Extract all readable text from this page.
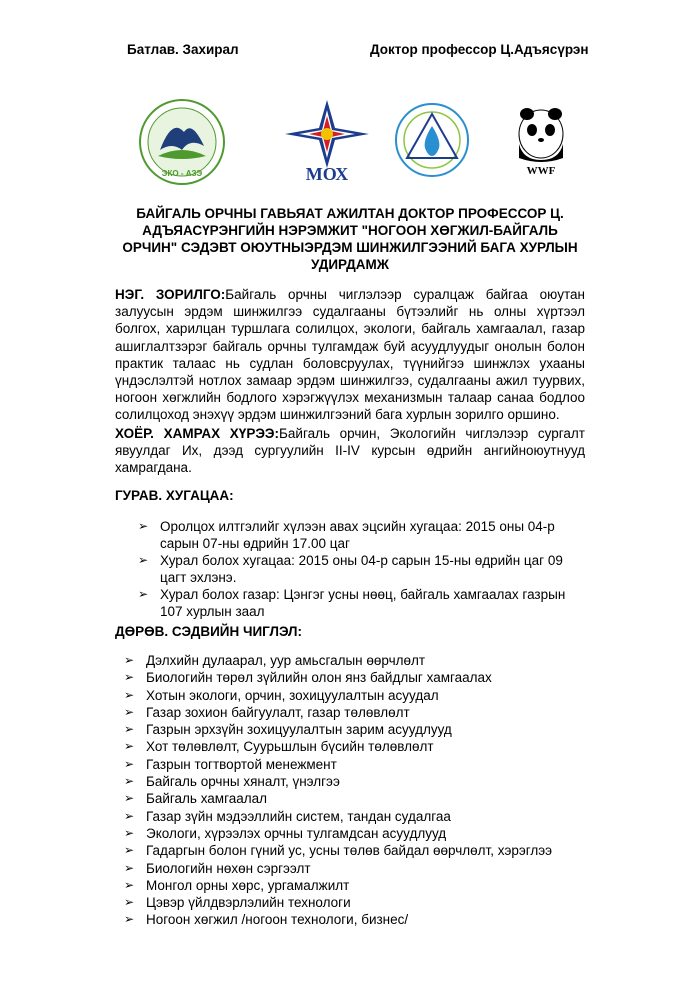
Батлав. Захирал	Доктор профессор Ц.Адъясүрэн
ЭКО - АЗЭ	МОХ	WWF
БАЙГАЛЬ ОРЧНЫ ГАВЬЯАТ АЖИЛТАН ДОКТОР ПРОФЕССОР Ц. АДЪЯАСҮРЭНГИЙН НЭРЭМЖИТ "НОГООН ХӨГЖИЛ-БАЙГАЛЬ ОРЧИН" СЭДЭВТ ОЮУТНЫЭРДЭМ ШИНЖИЛГЭЭНИЙ БАГА ХУРЛЫН УДИРДАМЖ
НЭГ. ЗОРИЛГО:Байгаль орчны чиглэлээр суралцаж байгаа оюутан залуусын эрдэм шинжилгээ судалгааны бүтээлийг нь олны хүртээл болгох, харилцан туршлага солилцох, экологи, байгаль хамгаалал, газар ашиглалтзэрэг байгаль орчны тулгамдаж буй асуудлуудыг онолын болон практик талаас нь судлан боловсруулах, түүнийгээ шинжлэх ухааны үндэслэлтэй нотлох замаар эрдэм шинжилгээ, судалгааны ажил туурвих, ногоон хөгжлийн бодлого хэрэгжүүлэх механизмын талаар санаа бодлоо солилцоход энэхүү эрдэм шинжилгээний бага хурлын зорилго оршино.
ХОЁР. ХАМРАХ ХҮРЭЭ:Байгаль орчин, Экологийн чиглэлээр сургалт явуулдаг Их, дээд сургуулийн II-IV курсын өдрийн ангийноюутнууд хамрагдана.
ГУРАВ. ХУГАЦАА:
➢ Оролцох илтгэлийг хүлээн авах эцсийн хугацаа: 2015 оны 04-р сарын 07-ны өдрийн 17.00 цаг
➢ Хурал болох хугацаа: 2015 оны 04-р сарын 15-ны өдрийн цаг 09 цагт эхлэнэ.
➢ Хурал болох газар: Цэнгэг усны нөөц, байгаль хамгаалах газрын 107 хурлын заал
ДӨРӨВ. СЭДВИЙН ЧИГЛЭЛ:
➢ Дэлхийн дулаарал, уур амьсгалын өөрчлөлт
➢ Биологийн төрөл зүйлийн олон янз байдлыг хамгаалах
➢ Хотын экологи, орчин, зохицуулалтын асуудал
➢ Газар зохион байгуулалт, газар төлөвлөлт
➢ Газрын эрхзүйн зохицуулалтын зарим асуудлууд
➢ Хот төлөвлөлт, Суурьшлын бүсийн төлөвлөлт
➢ Газрын тогтвортой менежмент
➢ Байгаль орчны хяналт, үнэлгээ
➢ Байгаль хамгаалал
➢ Газар зүйн мэдээллийн систем, тандан судалгаа
➢ Экологи, хүрээлэх орчны тулгамдсан асуудлууд
➢ Гадаргын болон гүний ус, усны төлөв байдал өөрчлөлт, хэрэглээ
➢ Биологийн нөхөн сэргээлт
➢ Монгол орны хөрс, ургамалжилт
➢ Цэвэр үйлдвэрлэлийн технологи
➢ Ногоон хөгжил /ногоон технологи, бизнес/
